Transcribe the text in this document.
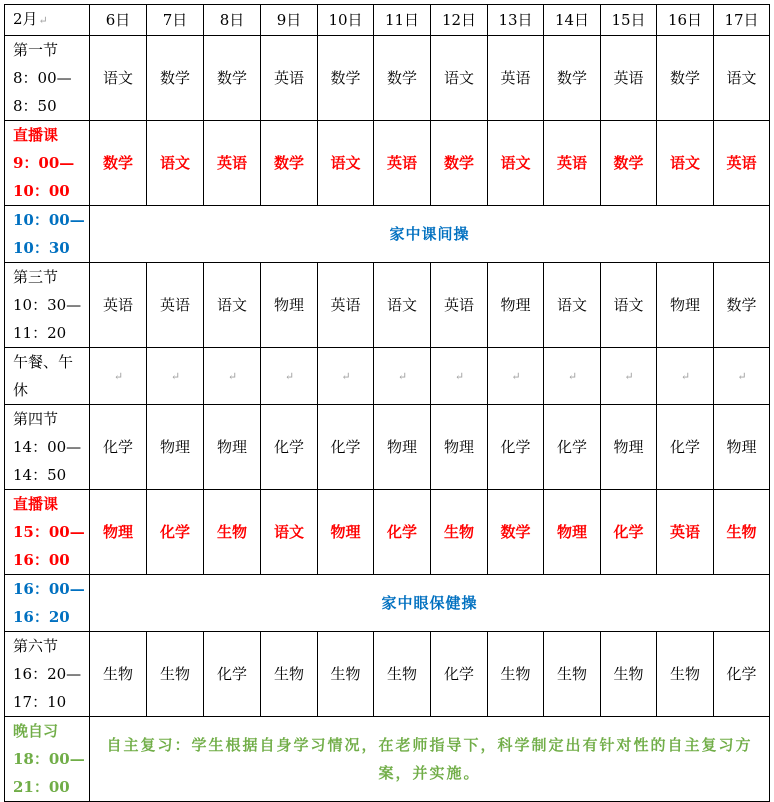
2月↵	6日	7日	8日	9日	10日	11日	12日	13日	14日	15日	16日	17日

第一节
8：00—
8：50	语文	数学	数学	英语	数学	数学	语文	英语	数学	英语	数学	语文

直播课
9：00—
10：00	数学	语文	英语	数学	语文	英语	数学	语文	英语	数学	语文	英语

10：00—
10：30	家中课间操											

第三节
10：30—
11：20	英语	英语	语文	物理	英语	语文	英语	物理	语文	语文	物理	数学

午餐、午
休	↵	↵	↵	↵	↵	↵	↵	↵	↵	↵	↵	↵

第四节
14：00—
14：50	化学	物理	物理	化学	化学	物理	物理	化学	化学	物理	化学	物理

直播课
15：00—
16：00	物理	化学	生物	语文	物理	化学	生物	数学	物理	化学	英语	生物

16：00—
16：20	家中眼保健操											

第六节
16：20—
17：10	生物	生物	化学	生物	生物	生物	化学	生物	生物	生物	生物	化学

晚自习
18：00—
21：00	自主复习：学生根据自身学习情况，在老师指导下，科学制定出有针对性的自主复习方案，并实施。											
